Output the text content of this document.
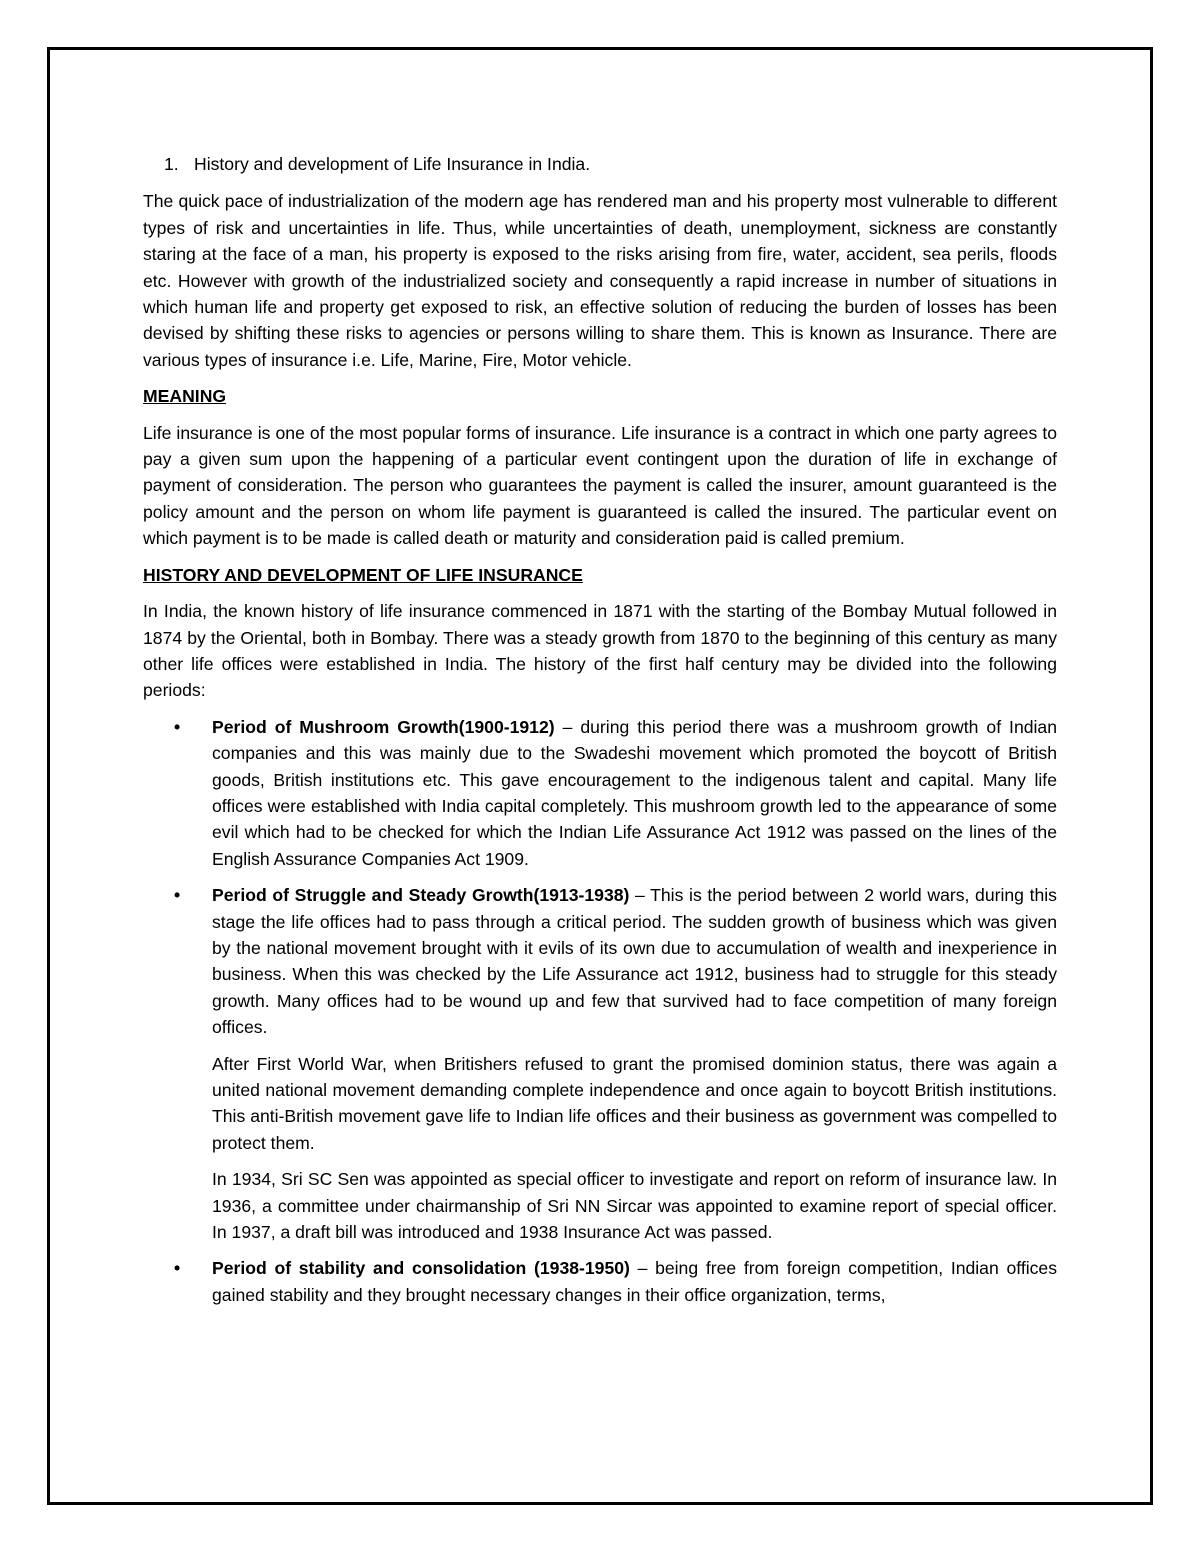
1. History and development of Life Insurance in India.

The quick pace of industrialization of the modern age has rendered man and his property most vulnerable to different types of risk and uncertainties in life. Thus, while uncertainties of death, unemployment, sickness are constantly staring at the face of a man, his property is exposed to the risks arising from fire, water, accident, sea perils, floods etc. However with growth of the industrialized society and consequently a rapid increase in number of situations in which human life and property get exposed to risk, an effective solution of reducing the burden of losses has been devised by shifting these risks to agencies or persons willing to share them. This is known as Insurance. There are various types of insurance i.e. Life, Marine, Fire, Motor vehicle.

MEANING

Life insurance is one of the most popular forms of insurance. Life insurance is a contract in which one party agrees to pay a given sum upon the happening of a particular event contingent upon the duration of life in exchange of payment of consideration. The person who guarantees the payment is called the insurer, amount guaranteed is the policy amount and the person on whom life payment is guaranteed is called the insured. The particular event on which payment is to be made is called death or maturity and consideration paid is called premium.

HISTORY AND DEVELOPMENT OF LIFE INSURANCE

In India, the known history of life insurance commenced in 1871 with the starting of the Bombay Mutual followed in 1874 by the Oriental, both in Bombay. There was a steady growth from 1870 to the beginning of this century as many other life offices were established in India. The history of the first half century may be divided into the following periods:

• Period of Mushroom Growth(1900-1912) – during this period there was a mushroom growth of Indian companies and this was mainly due to the Swadeshi movement which promoted the boycott of British goods, British institutions etc. This gave encouragement to the indigenous talent and capital. Many life offices were established with India capital completely. This mushroom growth led to the appearance of some evil which had to be checked for which the Indian Life Assurance Act 1912 was passed on the lines of the English Assurance Companies Act 1909.

• Period of Struggle and Steady Growth(1913-1938) – This is the period between 2 world wars, during this stage the life offices had to pass through a critical period. The sudden growth of business which was given by the national movement brought with it evils of its own due to accumulation of wealth and inexperience in business. When this was checked by the Life Assurance act 1912, business had to struggle for this steady growth. Many offices had to be wound up and few that survived had to face competition of many foreign offices.

After First World War, when Britishers refused to grant the promised dominion status, there was again a united national movement demanding complete independence and once again to boycott British institutions. This anti-British movement gave life to Indian life offices and their business as government was compelled to protect them.

In 1934, Sri SC Sen was appointed as special officer to investigate and report on reform of insurance law. In 1936, a committee under chairmanship of Sri NN Sircar was appointed to examine report of special officer. In 1937, a draft bill was introduced and 1938 Insurance Act was passed.

• Period of stability and consolidation (1938-1950) – being free from foreign competition, Indian offices gained stability and they brought necessary changes in their office organization, terms,
